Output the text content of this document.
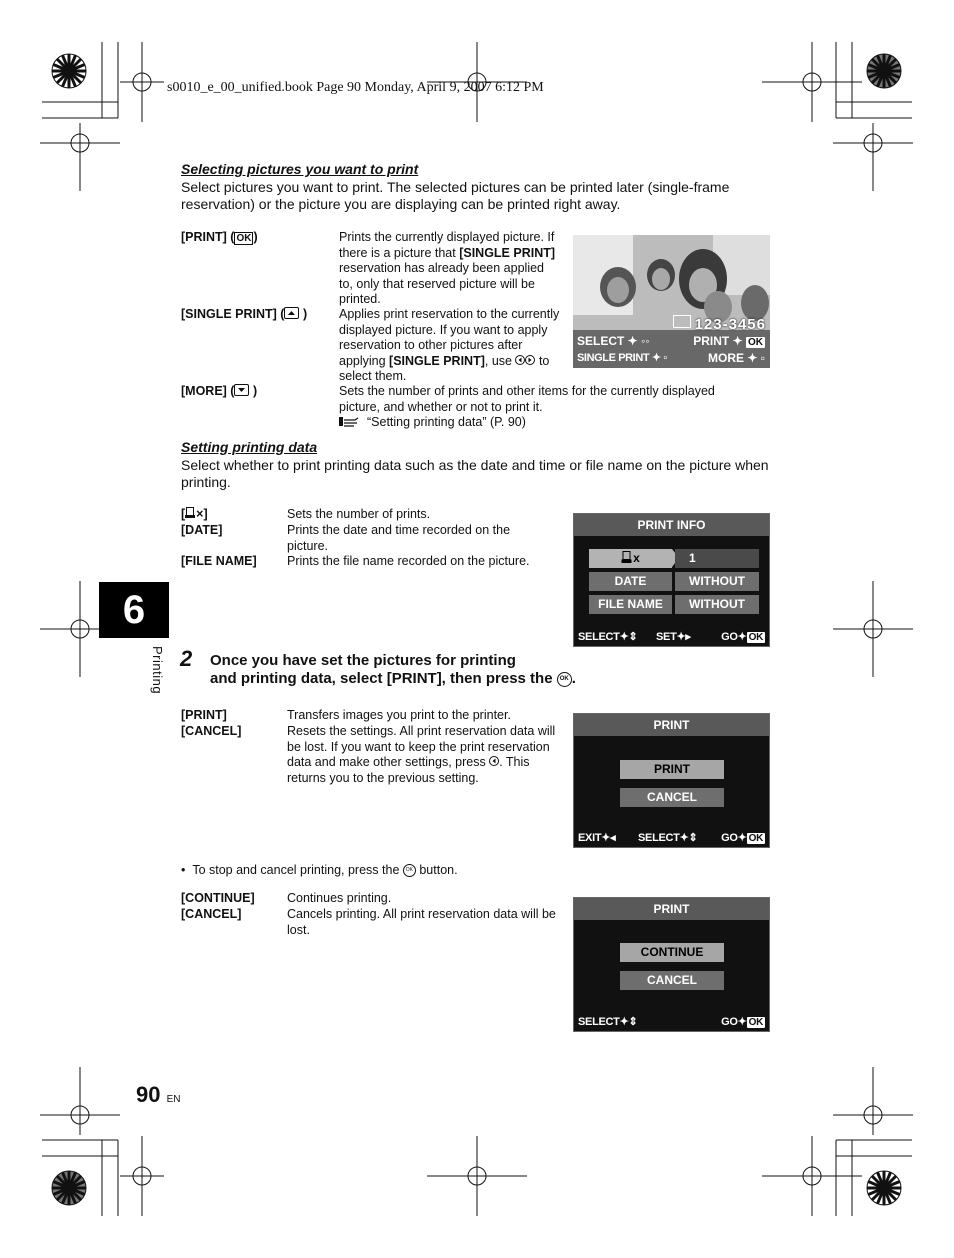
s0010_e_00_unified.book Page 90 Monday, April 9, 2007 6:12 PM
Selecting pictures you want to print
Select pictures you want to print. The selected pictures can be printed later (single-frame reservation) or the picture you are displaying can be printed right away.
[PRINT] ( OK )	Prints the currently displayed picture. If there is a picture that [SINGLE PRINT] reservation has already been applied to, only that reserved picture will be printed.
[SINGLE PRINT] (
)	Applies print reservation to the currently displayed picture. If you want to apply reservation to other pictures after applying [SINGLE PRINT], use  to select them.
[MORE] (
)	Sets the number of prints and other items for the currently displayed picture, and whether or not to print it.
“Setting printing data” (P. 90)
123-3456
SELECT ✦ ◦◦	PRINT ✦ OK
SINGLE PRINT ✦ ▫	MORE ✦ ▫
Setting printing data
Select whether to print printing data such as the date and time or file name on the picture when printing.
[ ×]	Sets the number of prints.
[DATE]	Prints the date and time recorded on the picture.
[FILE NAME] Prints the file name recorded on the picture.
PRINT INFO
x	1
DATE	WITHOUT
FILE NAME	WITHOUT
SELECT✦⇕ SET✦▸	GO✦ OK
6
Printing 2 Once you have set the pictures for printing
and printing data, select [PRINT], then press the OK .
[PRINT]	Transfers images you print to the printer.
[CANCEL]	Resets the settings. All print reservation data will be lost. If you want to keep the print reservation data and make other settings, press . This returns you to the previous setting.
PRINT
PRINT
CANCEL
EXIT✦◂ SELECT✦⇕ GO✦ OK
•  To stop and cancel printing, press the OK button.
[CONTINUE]	Continues printing.
[CANCEL]	Cancels printing. All print reservation data will be lost.
PRINT
CONTINUE
CANCEL
SELECT✦⇕	GO✦ OK
90 EN
